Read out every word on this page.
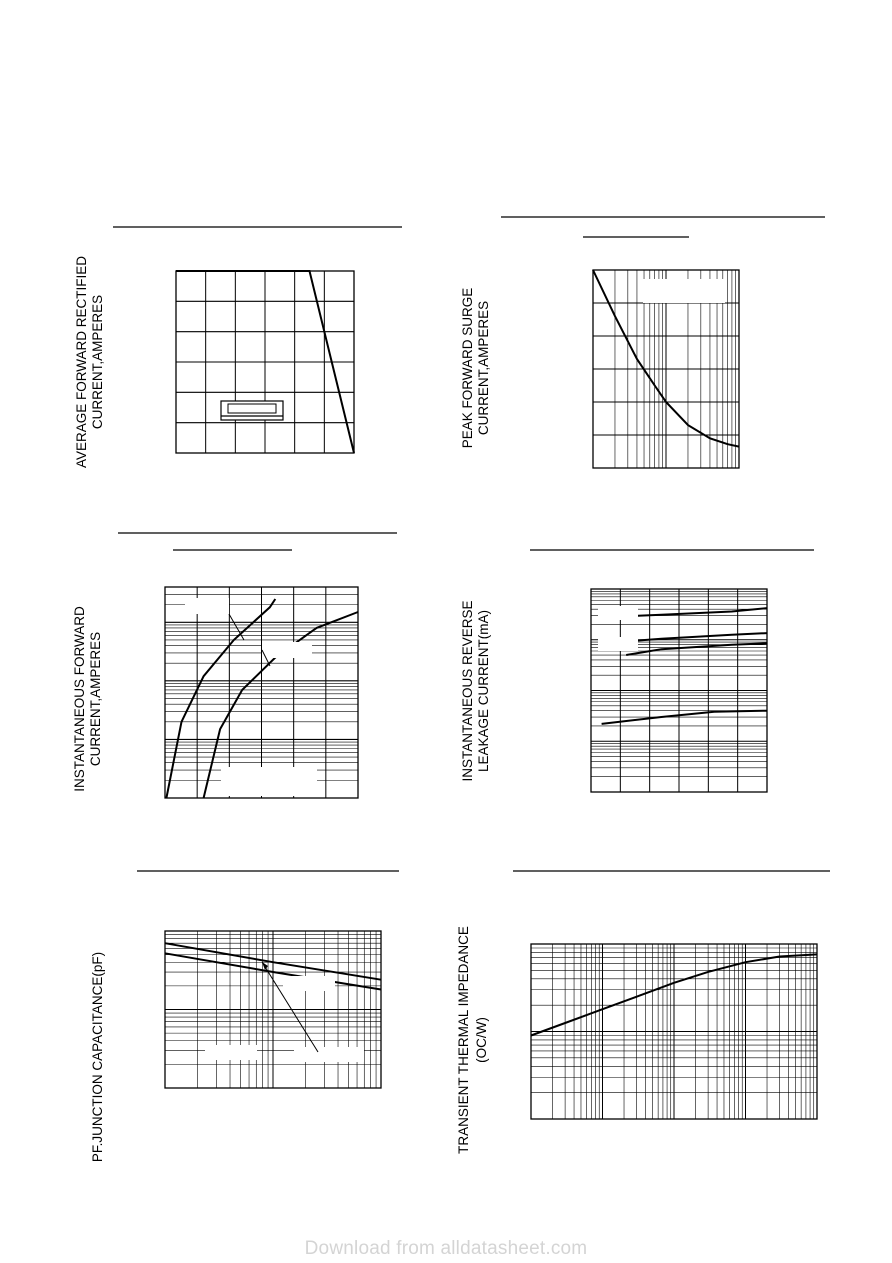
AVERAGE FORWARD RECTIFIED CURRENT,AMPERES	PEAK FORWARD SURGE CURRENT,AMPERES
INSTANTANEOUS FORWARD CURRENT,AMPERES	INSTANTANEOUS REVERSE LEAKAGE CURRENT(mA)
PF.JUNCTION CAPACITANCE(pF)	TRANSIENT THERMAL IMPEDANCE (OC/W)
Download from alldatasheet.com
